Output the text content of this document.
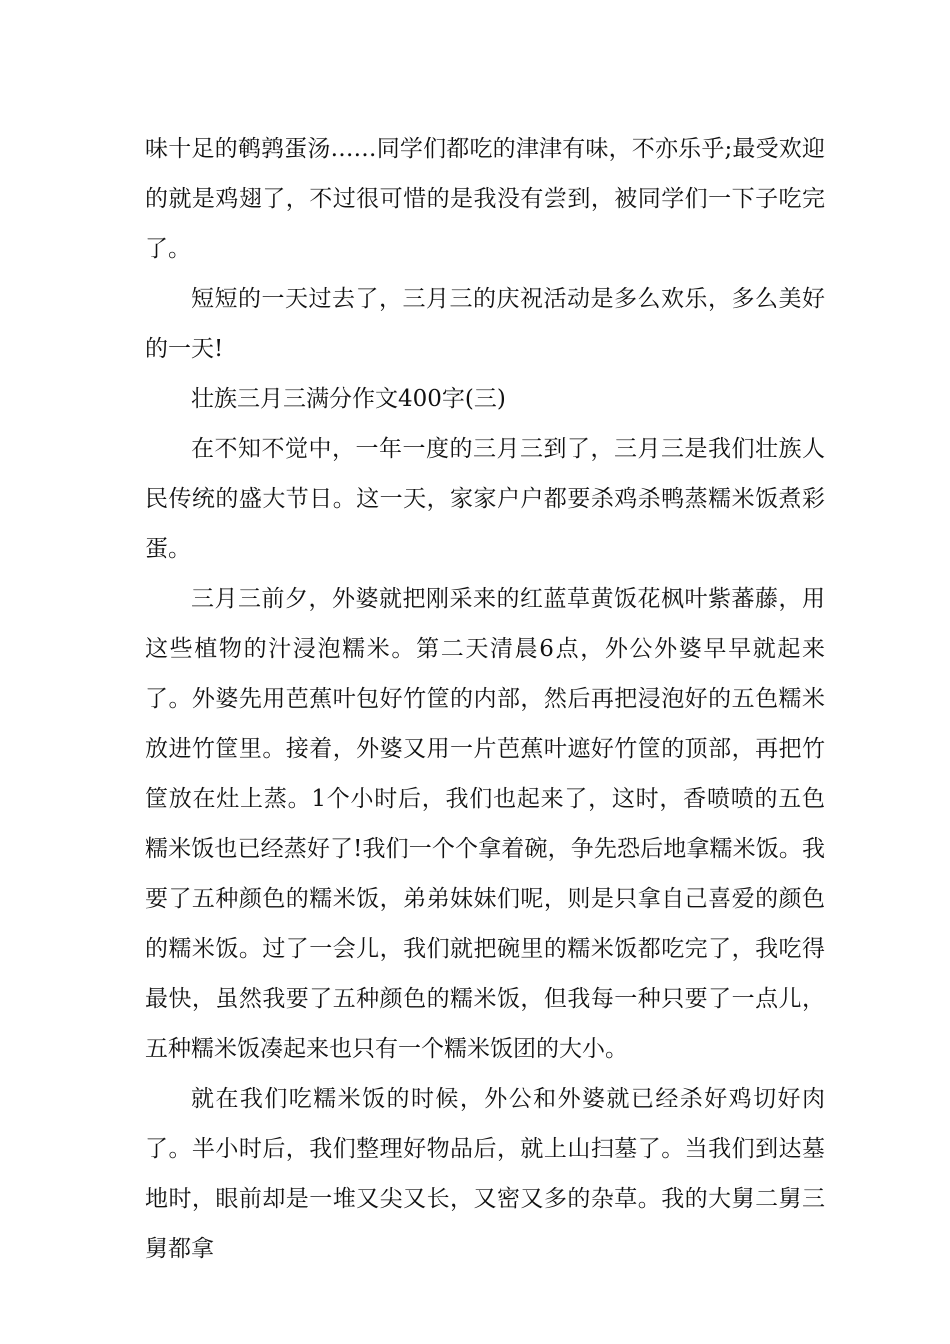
味十足的鹌鹑蛋汤……同学们都吃的津津有味，不亦乐乎;最受欢迎的就是鸡翅了，不过很可惜的是我没有尝到，被同学们一下子吃完了。

短短的一天过去了，三月三的庆祝活动是多么欢乐，多么美好的一天!

壮族三月三满分作文400字(三)

在不知不觉中，一年一度的三月三到了，三月三是我们壮族人民传统的盛大节日。这一天，家家户户都要杀鸡杀鸭蒸糯米饭煮彩蛋。

三月三前夕，外婆就把刚采来的红蓝草黄饭花枫叶紫蕃藤，用这些植物的汁浸泡糯米。第二天清晨6点，外公外婆早早就起来了。外婆先用芭蕉叶包好竹筐的内部，然后再把浸泡好的五色糯米放进竹筐里。接着，外婆又用一片芭蕉叶遮好竹筐的顶部，再把竹筐放在灶上蒸。1个小时后，我们也起来了，这时，香喷喷的五色糯米饭也已经蒸好了!我们一个个拿着碗，争先恐后地拿糯米饭。我要了五种颜色的糯米饭，弟弟妹妹们呢，则是只拿自己喜爱的颜色的糯米饭。过了一会儿，我们就把碗里的糯米饭都吃完了，我吃得最快，虽然我要了五种颜色的糯米饭，但我每一种只要了一点儿，五种糯米饭凑起来也只有一个糯米饭团的大小。

就在我们吃糯米饭的时候，外公和外婆就已经杀好鸡切好肉了。半小时后，我们整理好物品后，就上山扫墓了。当我们到达墓地时，眼前却是一堆又尖又长，又密又多的杂草。我的大舅二舅三舅都拿
